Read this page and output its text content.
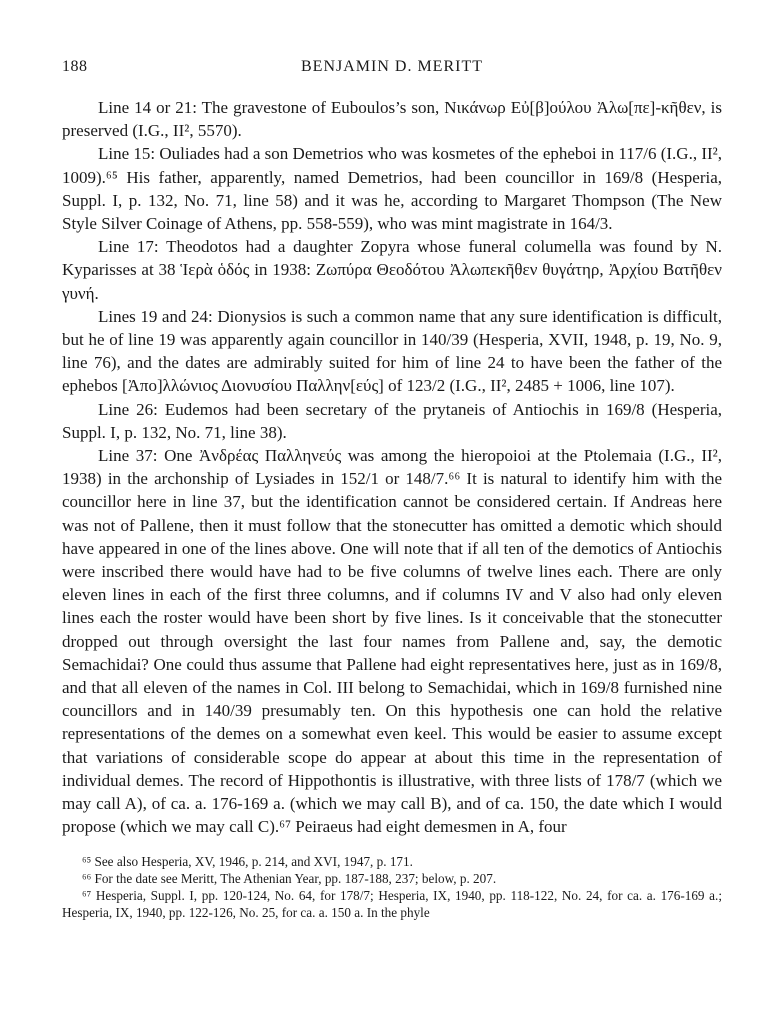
188	BENJAMIN D. MERITT

Line 14 or 21: The gravestone of Euboulos’s son, Νικάνωρ Εὐ[β]ούλου Ἀλω[πε]-κῆθεν, is preserved (I.G., II², 5570).

Line 15: Ouliades had a son Demetrios who was kosmetes of the epheboi in 117/6 (I.G., II², 1009).⁶⁵ His father, apparently, named Demetrios, had been councillor in 169/8 (Hesperia, Suppl. I, p. 132, No. 71, line 58) and it was he, according to Margaret Thompson (The New Style Silver Coinage of Athens, pp. 558-559), who was mint magistrate in 164/3.

Line 17: Theodotos had a daughter Zopyra whose funeral columella was found by N. Kyparisses at 38 Ἱερὰ ὁδός in 1938: Ζωπύρα Θεοδότου Ἀλωπεκῆθεν θυγάτηρ, Ἀρχίου Βατῆθεν γυνή.

Lines 19 and 24: Dionysios is such a common name that any sure identification is difficult, but he of line 19 was apparently again councillor in 140/39 (Hesperia, XVII, 1948, p. 19, No. 9, line 76), and the dates are admirably suited for him of line 24 to have been the father of the ephebos [Ἀπο]λλώνιος Διονυσίου Παλλην[εύς] of 123/2 (I.G., II², 2485 + 1006, line 107).

Line 26: Eudemos had been secretary of the prytaneis of Antiochis in 169/8 (Hesperia, Suppl. I, p. 132, No. 71, line 38).

Line 37: One Ἀνδρέας Παλληνεύς was among the hieropoioi at the Ptolemaia (I.G., II², 1938) in the archonship of Lysiades in 152/1 or 148/7.⁶⁶ It is natural to identify him with the councillor here in line 37, but the identification cannot be considered certain. If Andreas here was not of Pallene, then it must follow that the stonecutter has omitted a demotic which should have appeared in one of the lines above. One will note that if all ten of the demotics of Antiochis were inscribed there would have had to be five columns of twelve lines each. There are only eleven lines in each of the first three columns, and if columns IV and V also had only eleven lines each the roster would have been short by five lines. Is it conceivable that the stonecutter dropped out through oversight the last four names from Pallene and, say, the demotic Semachidai? One could thus assume that Pallene had eight representatives here, just as in 169/8, and that all eleven of the names in Col. III belong to Semachidai, which in 169/8 furnished nine councillors and in 140/39 presumably ten. On this hypothesis one can hold the relative representations of the demes on a somewhat even keel. This would be easier to assume except that variations of considerable scope do appear at about this time in the representation of individual demes. The record of Hippothontis is illustrative, with three lists of 178/7 (which we may call A), of ca. a. 176-169 a. (which we may call B), and of ca. 150, the date which I would propose (which we may call C).⁶⁷ Peiraeus had eight demesmen in A, four

⁶⁵ See also Hesperia, XV, 1946, p. 214, and XVI, 1947, p. 171.

⁶⁶ For the date see Meritt, The Athenian Year, pp. 187-188, 237; below, p. 207.

⁶⁷ Hesperia, Suppl. I, pp. 120-124, No. 64, for 178/7; Hesperia, IX, 1940, pp. 118-122, No. 24, for ca. a. 176-169 a.; Hesperia, IX, 1940, pp. 122-126, No. 25, for ca. a. 150 a. In the phyle
